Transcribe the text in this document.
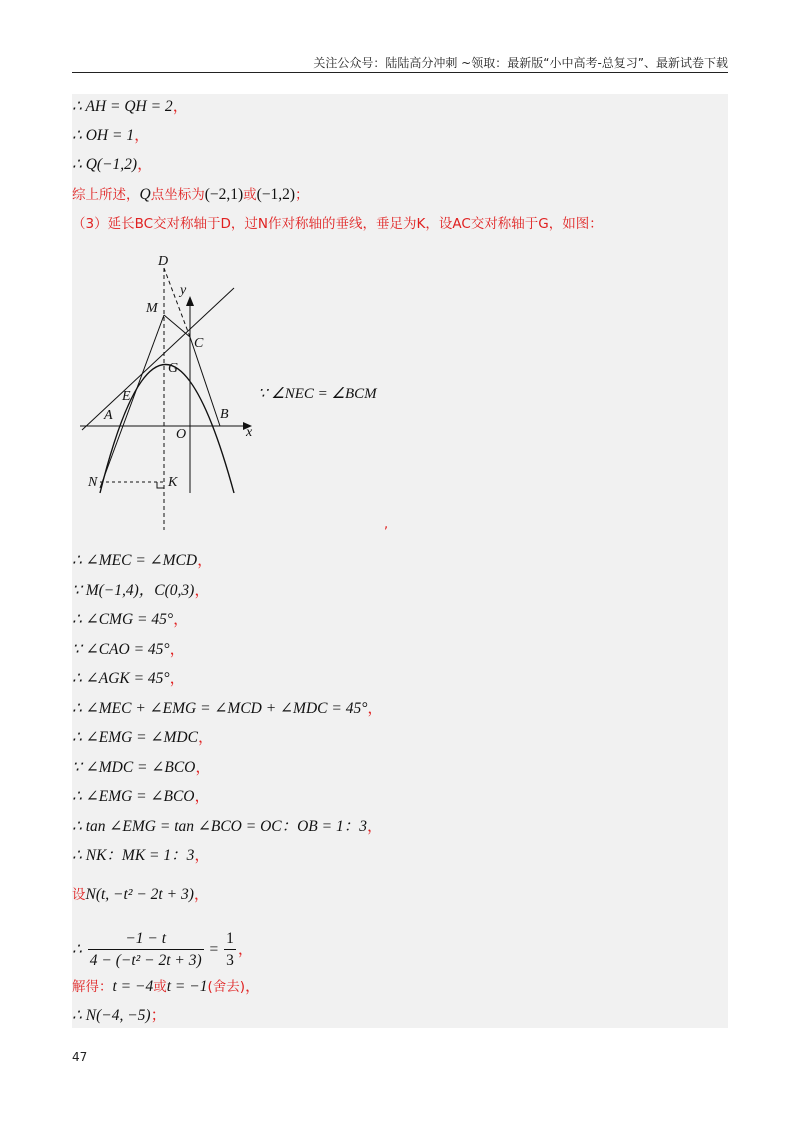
关注公众号：陆陆高分冲刺 ~领取：最新版“小中高考-总复习”、最新试卷下载
∴ AH = QH = 2，
∴ OH = 1，
∴ Q(−1,2)，
综上所述，Q点坐标为(−2,1)或(−1,2)；
（3）延长BC交对称轴于D，过N作对称轴的垂线，垂足为K，设AC交对称轴于G，如图：
D
y
M
C
G
E
A	B
O	x
N	K
∵ ∠NEC = ∠BCM
,
∴ ∠MEC = ∠MCD，
∵ M(−1,4)，C(0,3)，
∴ ∠CMG = 45°，
∵ ∠CAO = 45°，
∴ ∠AGK = 45°，
∴ ∠MEC + ∠EMG = ∠MCD + ∠MDC = 45°，
∴ ∠EMG = ∠MDC，
∵ ∠MDC = ∠BCO，
∴ ∠EMG = ∠BCO，
∴ tan ∠EMG = tan ∠BCO = OC：OB = 1：3，
∴ NK：MK = 1：3，
设N(t, −t² − 2t + 3)，
∴ $\frac{-1 - t}{\text{4 − (−t² − 2t + 3)}} = \frac{1}{3}$ ，
解得：t = −4或t = −1(舍去)，
∴ N(−4, −5)；
47
